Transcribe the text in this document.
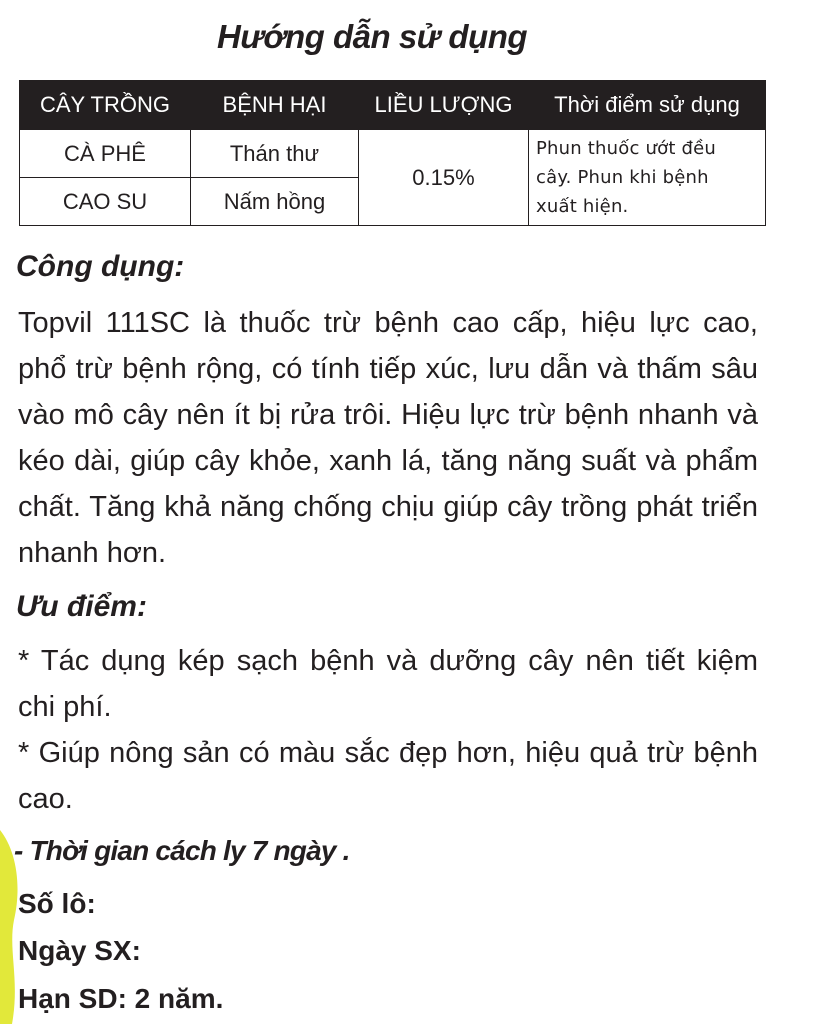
Hướng dẫn sử dụng
CÂY TRỒNG	BỆNH HẠI	LIỀU LƯỢNG	Thời điểm sử dụng
CÀ PHÊ	Thán thư	0.15%	Phun thuốc ướt đều
cây. Phun khi bệnh
xuất hiện.
CAO SU	Nấm hồng		
Công dụng:

Topvil 111SC là thuốc trừ bệnh cao cấp, hiệu lực cao, phổ trừ bệnh rộng, có tính tiếp xúc, lưu dẫn và thấm sâu vào mô cây nên ít bị rửa trôi. Hiệu lực trừ bệnh nhanh và kéo dài, giúp cây khỏe, xanh lá, tăng năng suất và phẩm chất. Tăng khả năng chống chịu giúp cây trồng phát triển nhanh hơn.

Ưu điểm:

* Tác dụng kép sạch bệnh và dưỡng cây nên tiết kiệm chi phí.

* Giúp nông sản có màu sắc đẹp hơn, hiệu quả trừ bệnh cao.

- Thời gian cách ly 7 ngày .
Số lô:
Ngày SX:
Hạn SD: 2 năm.
